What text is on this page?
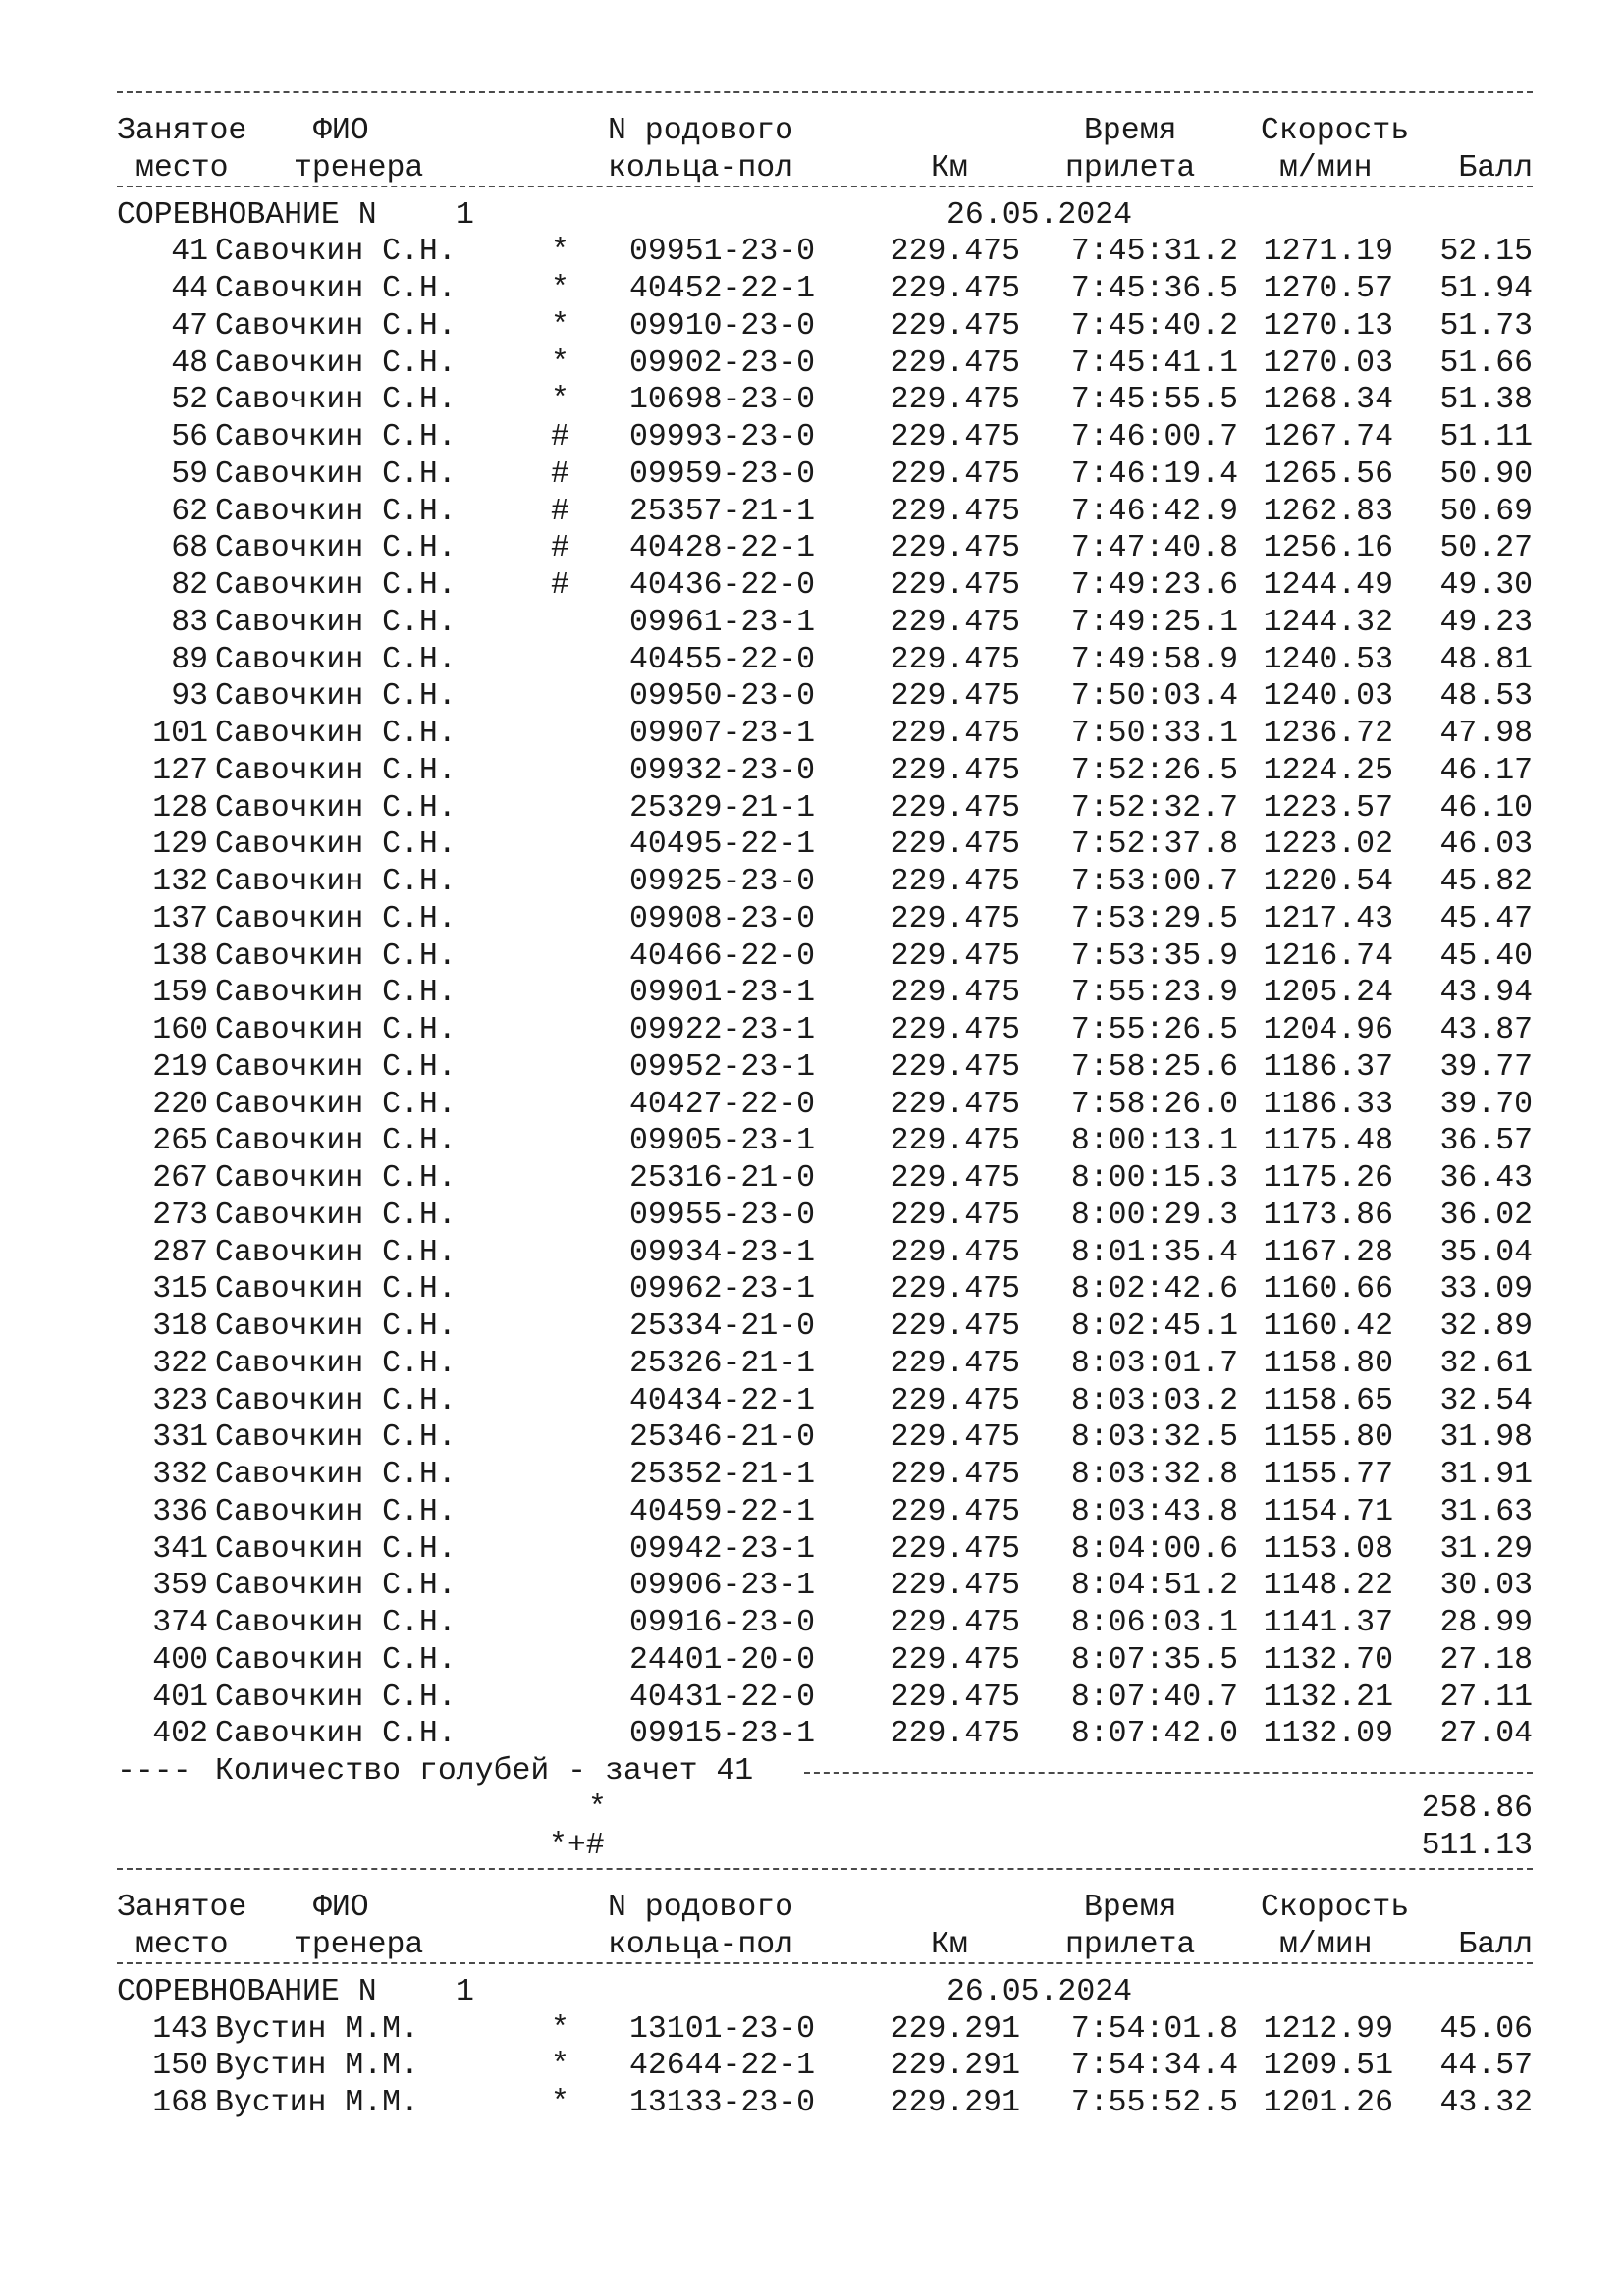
Занятое ФИО	N родового	Время	Скорость
место тренера	кольца-пол	Км	прилета	м/мин	Балл
СОРЕВНОВАНИЕ N	1	26.05.2024
41 Савочкин С.Н.	* 09951-23-0 229.475 7:45:31.2 1271.19 52.15
44 Савочкин С.Н.	* 40452-22-1 229.475 7:45:36.5 1270.57 51.94
47 Савочкин С.Н.	* 09910-23-0 229.475 7:45:40.2 1270.13 51.73
48 Савочкин С.Н.	* 09902-23-0 229.475 7:45:41.1 1270.03 51.66
52 Савочкин С.Н.	* 10698-23-0 229.475 7:45:55.5 1268.34 51.38
56 Савочкин С.Н.	# 09993-23-0 229.475 7:46:00.7 1267.74 51.11
59 Савочкин С.Н.	# 09959-23-0 229.475 7:46:19.4 1265.56 50.90
62 Савочкин С.Н.	# 25357-21-1 229.475 7:46:42.9 1262.83 50.69
68 Савочкин С.Н.	# 40428-22-1 229.475 7:47:40.8 1256.16 50.27
82 Савочкин С.Н.	# 40436-22-0 229.475 7:49:23.6 1244.49 49.30
83 Савочкин С.Н.	09961-23-1 229.475 7:49:25.1 1244.32 49.23
89 Савочкин С.Н.	40455-22-0 229.475 7:49:58.9 1240.53 48.81
93 Савочкин С.Н.	09950-23-0 229.475 7:50:03.4 1240.03 48.53
101 Савочкин С.Н.	09907-23-1 229.475 7:50:33.1 1236.72 47.98
127 Савочкин С.Н.	09932-23-0 229.475 7:52:26.5 1224.25 46.17
128 Савочкин С.Н.	25329-21-1 229.475 7:52:32.7 1223.57 46.10
129 Савочкин С.Н.	40495-22-1 229.475 7:52:37.8 1223.02 46.03
132 Савочкин С.Н.	09925-23-0 229.475 7:53:00.7 1220.54 45.82
137 Савочкин С.Н.	09908-23-0 229.475 7:53:29.5 1217.43 45.47
138 Савочкин С.Н.	40466-22-0 229.475 7:53:35.9 1216.74 45.40
159 Савочкин С.Н.	09901-23-1 229.475 7:55:23.9 1205.24 43.94
160 Савочкин С.Н.	09922-23-1 229.475 7:55:26.5 1204.96 43.87
219 Савочкин С.Н.	09952-23-1 229.475 7:58:25.6 1186.37 39.77
220 Савочкин С.Н.	40427-22-0 229.475 7:58:26.0 1186.33 39.70
265 Савочкин С.Н.	09905-23-1 229.475 8:00:13.1 1175.48 36.57
267 Савочкин С.Н.	25316-21-0 229.475 8:00:15.3 1175.26 36.43
273 Савочкин С.Н.	09955-23-0 229.475 8:00:29.3 1173.86 36.02
287 Савочкин С.Н.	09934-23-1 229.475 8:01:35.4 1167.28 35.04
315 Савочкин С.Н.	09962-23-1 229.475 8:02:42.6 1160.66 33.09
318 Савочкин С.Н.	25334-21-0 229.475 8:02:45.1 1160.42 32.89
322 Савочкин С.Н.	25326-21-1 229.475 8:03:01.7 1158.80 32.61
323 Савочкин С.Н.	40434-22-1 229.475 8:03:03.2 1158.65 32.54
331 Савочкин С.Н.	25346-21-0 229.475 8:03:32.5 1155.80 31.98
332 Савочкин С.Н.	25352-21-1 229.475 8:03:32.8 1155.77 31.91
336 Савочкин С.Н.	40459-22-1 229.475 8:03:43.8 1154.71 31.63
341 Савочкин С.Н.	09942-23-1 229.475 8:04:00.6 1153.08 31.29
359 Савочкин С.Н.	09906-23-1 229.475 8:04:51.2 1148.22 30.03
374 Савочкин С.Н.	09916-23-0 229.475 8:06:03.1 1141.37 28.99
400 Савочкин С.Н.	24401-20-0 229.475 8:07:35.5 1132.70 27.18
401 Савочкин С.Н.	40431-22-0 229.475 8:07:40.7 1132.21 27.11
402 Савочкин С.Н.	09915-23-1 229.475 8:07:42.0 1132.09 27.04
---- Количество голубей - зачет 41
*	258.86
*+#	511.13
Занятое ФИО	N родового	Время	Скорость
место тренера	кольца-пол	Км	прилета	м/мин	Балл
СОРЕВНОВАНИЕ N	1	26.05.2024
143 Вустин М.М.	* 13101-23-0 229.291 7:54:01.8 1212.99 45.06
150 Вустин М.М.	* 42644-22-1 229.291 7:54:34.4 1209.51 44.57
168 Вустин М.М.	* 13133-23-0 229.291 7:55:52.5 1201.26 43.32
